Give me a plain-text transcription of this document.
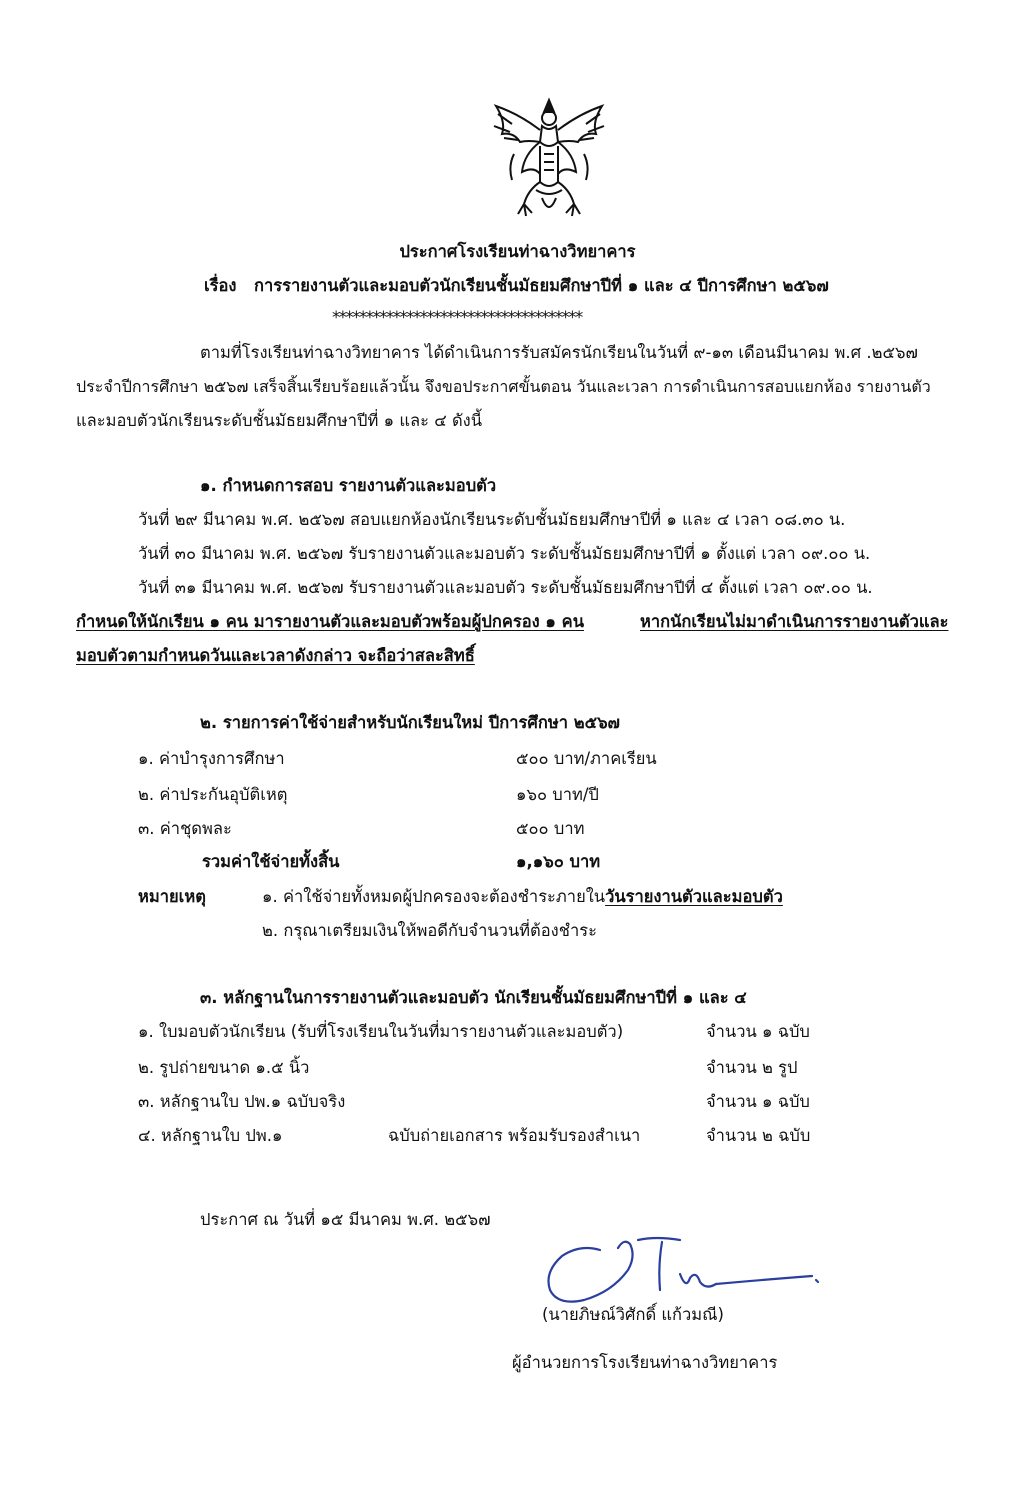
ประกาศโรงเรียนท่าฉางวิทยาคาร
เรื่อง การรายงานตัวและมอบตัวนักเรียนชั้นมัธยมศึกษาปีที่ ๑ และ ๔ ปีการศึกษา ๒๕๖๗
*************************************
ตามที่โรงเรียนท่าฉางวิทยาคาร ได้ดำเนินการรับสมัครนักเรียนในวันที่ ๙-๑๓ เดือนมีนาคม พ.ศ .๒๕๖๗
ประจำปีการศึกษา ๒๕๖๗ เสร็จสิ้นเรียบร้อยแล้วนั้น จึงขอประกาศขั้นตอน วันและเวลา การดำเนินการสอบแยกห้อง รายงานตัว
และมอบตัวนักเรียนระดับชั้นมัธยมศึกษาปีที่ ๑ และ ๔ ดังนี้
๑. กำหนดการสอบ รายงานตัวและมอบตัว
วันที่ ๒๙ มีนาคม พ.ศ. ๒๕๖๗ สอบแยกห้องนักเรียนระดับชั้นมัธยมศึกษาปีที่ ๑ และ ๔ เวลา ๐๘.๓๐ น.
วันที่ ๓๐ มีนาคม พ.ศ. ๒๕๖๗ รับรายงานตัวและมอบตัว ระดับชั้นมัธยมศึกษาปีที่ ๑ ตั้งแต่ เวลา ๐๙.๐๐ น.
วันที่ ๓๑ มีนาคม พ.ศ. ๒๕๖๗ รับรายงานตัวและมอบตัว ระดับชั้นมัธยมศึกษาปีที่ ๔ ตั้งแต่ เวลา ๐๙.๐๐ น.
กำหนดให้นักเรียน ๑ คน มารายงานตัวและมอบตัวพร้อมผู้ปกครอง ๑ คน	หากนักเรียนไม่มาดำเนินการรายงานตัวและ
มอบตัวตามกำหนดวันและเวลาดังกล่าว จะถือว่าสละสิทธิ์
๒. รายการค่าใช้จ่ายสำหรับนักเรียนใหม่ ปีการศึกษา ๒๕๖๗
๑. ค่าบำรุงการศึกษา	๕๐๐ บาท/ภาคเรียน
๒. ค่าประกันอุบัติเหตุ	๑๖๐ บาท/ปี
๓. ค่าชุดพละ	๕๐๐ บาท
รวมค่าใช้จ่ายทั้งสิ้น	๑,๑๖๐ บาท
หมายเหตุ	๑. ค่าใช้จ่ายทั้งหมดผู้ปกครองจะต้องชำระภายในวันรายงานตัวและมอบตัว
๒. กรุณาเตรียมเงินให้พอดีกับจำนวนที่ต้องชำระ
๓. หลักฐานในการรายงานตัวและมอบตัว นักเรียนชั้นมัธยมศึกษาปีที่ ๑ และ ๔
๑. ใบมอบตัวนักเรียน (รับที่โรงเรียนในวันที่มารายงานตัวและมอบตัว)	จำนวน ๑ ฉบับ
๒. รูปถ่ายขนาด ๑.๕ นิ้ว	จำนวน ๒ รูป
๓. หลักฐานใบ ปพ.๑ ฉบับจริง	จำนวน ๑ ฉบับ
๔. หลักฐานใบ ปพ.๑	ฉบับถ่ายเอกสาร พร้อมรับรองสำเนา	จำนวน ๒ ฉบับ
ประกาศ ณ วันที่ ๑๕ มีนาคม พ.ศ. ๒๕๖๗
(นายภิษณ์วิศักดิ์ แก้วมณี)
ผู้อำนวยการโรงเรียนท่าฉางวิทยาคาร
